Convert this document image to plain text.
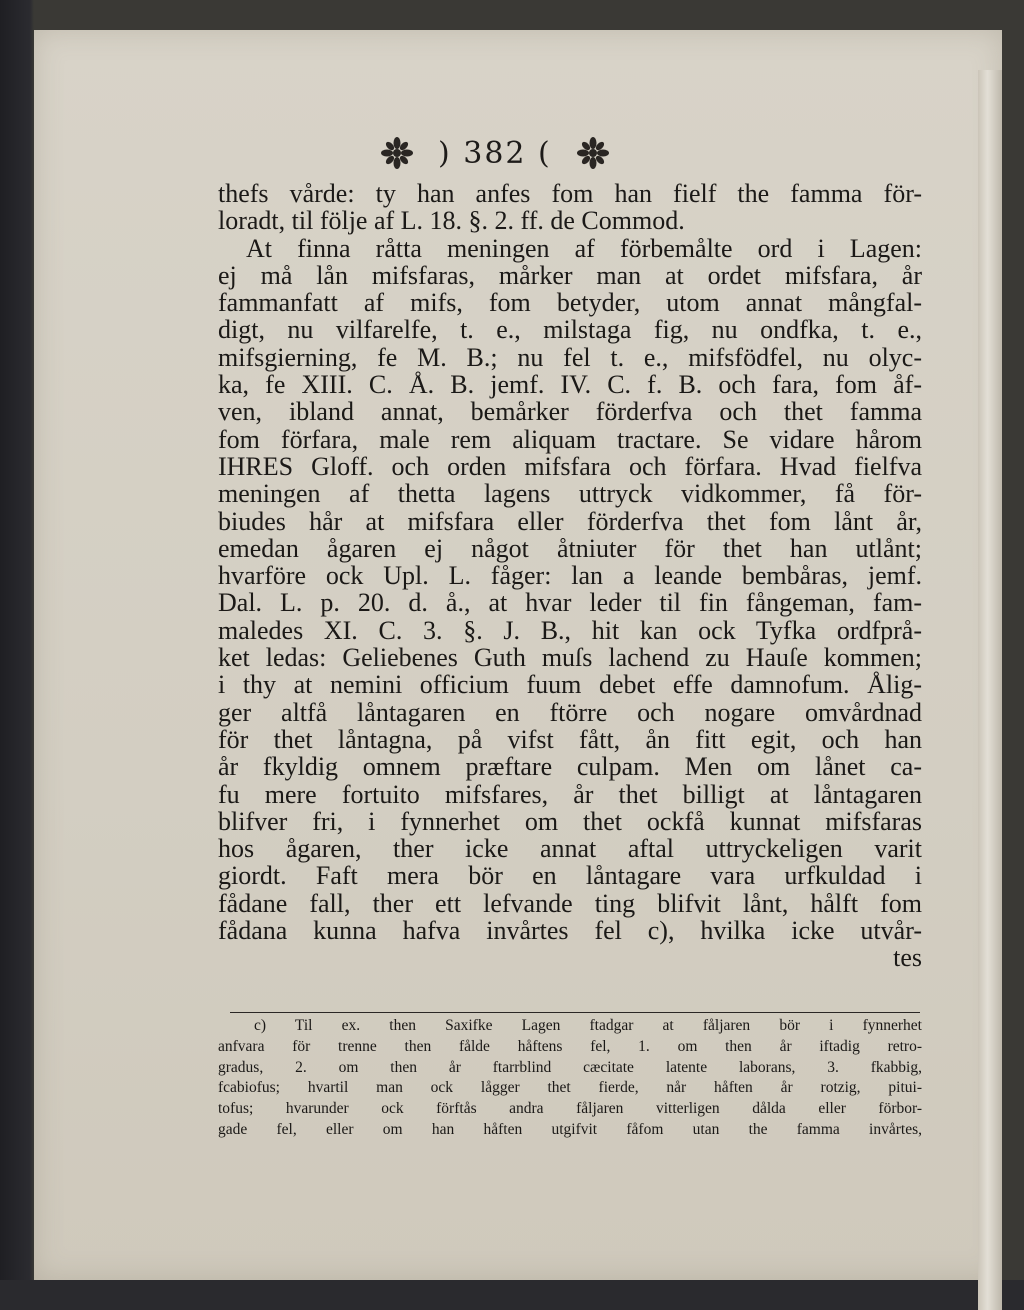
) 382 (
thefs vårde: ty han anfes fom han fielf the famma för-
loradt, til följe af L. 18. §. 2. ff. de Commod.
At finna råtta meningen af förbemålte ord i Lagen:
ej må lån mifsfaras, mårker man at ordet mifsfara, år
fammanfatt af mifs, fom betyder, utom annat mångfal-
digt, nu vilfarelfe, t. e., milstaga fig, nu ondfka, t. e.,
mifsgierning, fe M. B.; nu fel t. e., mifsfödfel, nu olyc-
ka, fe XIII. C. Å. B. jemf. IV. C. f. B. och fara, fom åf-
ven, ibland annat, bemårker förderfva och thet famma
fom förfara, male rem aliquam tractare. Se vidare hårom
IHRES Gloff. och orden mifsfara och förfara. Hvad fielfva
meningen af thetta lagens uttryck vidkommer, få för-
biudes hår at mifsfara eller förderfva thet fom lånt år,
emedan ågaren ej något åtniuter för thet han utlånt;
hvarföre ock Upl. L. fåger: lan a leande bembåras, jemf.
Dal. L. p. 20. d. å., at hvar leder til fin fångeman, fam-
maledes XI. C. 3. §. J. B., hit kan ock Tyfka ordfprå-
ket ledas: Geliebenes Guth muſs lachend zu Hauſe kommen;
i thy at nemini officium fuum debet effe damnofum. Ålig-
ger altfå låntagaren en ftörre och nogare omvårdnad
för thet låntagna, på vifst fått, ån fitt egit, och han
år fkyldig omnem præftare culpam. Men om lånet ca-
fu mere fortuito mifsfares, år thet billigt at låntagaren
blifver fri, i fynnerhet om thet ockfå kunnat mifsfaras
hos ågaren, ther icke annat aftal uttryckeligen varit
giordt. Faft mera bör en låntagare vara urfkuldad i
fådane fall, ther ett lefvande ting blifvit lånt, hålft fom
fådana kunna hafva invårtes fel c), hvilka icke utvår-
tes
c) Til ex. then Saxifke Lagen ftadgar at fåljaren bör i fynnerhet
anfvara för trenne then fålde håftens fel, 1. om then år iftadig retro-
gradus, 2. om then år ftarrblind cæcitate latente laborans, 3. fkabbig,
fcabiofus; hvartil man ock lågger thet fierde, når håften år rotzig, pitui-
tofus; hvarunder ock förftås andra fåljaren vitterligen dålda eller förbor-
gade fel, eller om han håften utgifvit fåfom utan the famma invårtes,
